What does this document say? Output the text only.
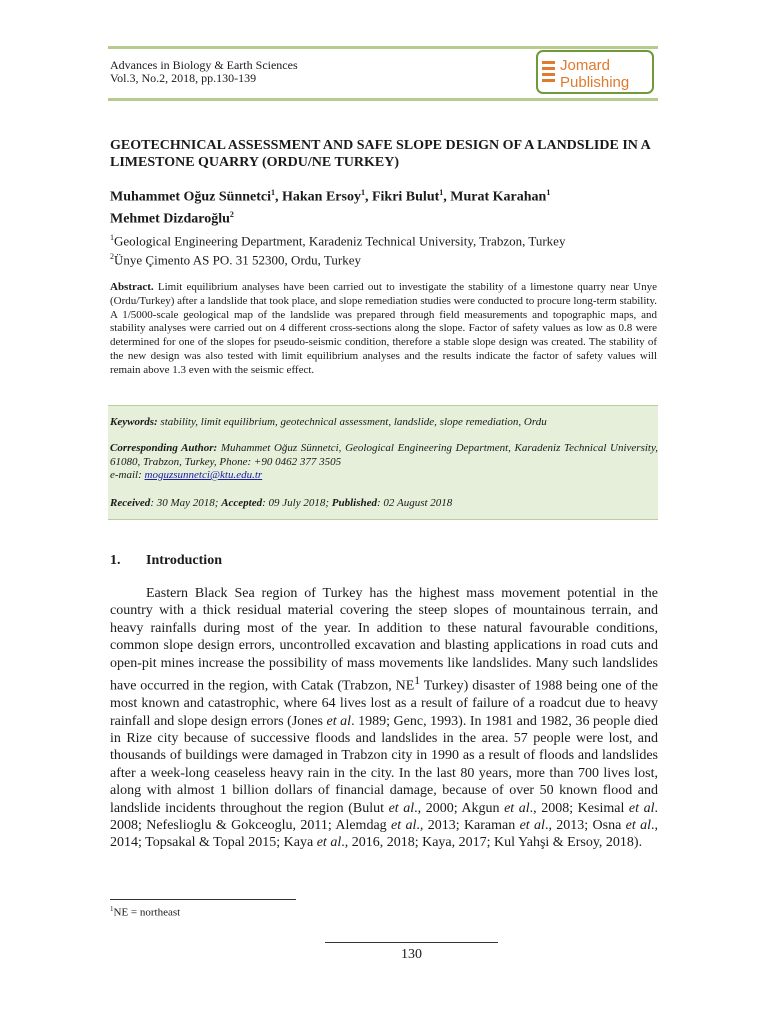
Advances in Biology & Earth Sciences
Vol.3, No.2, 2018, pp.130-139
Jomard
Publishing
GEOTECHNICAL ASSESSMENT AND SAFE SLOPE DESIGN OF A LANDSLIDE IN A LIMESTONE QUARRY (ORDU/NE TURKEY)
Muhammet Oğuz Sünnetci$^1$, Hakan Ersoy$^1$, Fikri Bulut$^1$, Murat Karahan$^1$
Mehmet Dizdaroğlu$^2$
$^1$Geological Engineering Department, Karadeniz Technical University, Trabzon, Turkey
$^2$Ünye Çimento AS PO. 31 52300, Ordu, Turkey
Abstract. Limit equilibrium analyses have been carried out to investigate the stability of a limestone quarry near Unye (Ordu/Turkey) after a landslide that took place, and slope remediation studies were conducted to procure long-term stability. A 1/5000-scale geological map of the landslide was prepared through field measurements and topographic maps, and stability analyses were carried out on 4 different cross-sections along the slope. Factor of safety values as low as 0.8 were determined for one of the slopes for pseudo-seismic condition, therefore a stable slope design was created. The stability of the new design was also tested with limit equilibrium analyses and the results indicate the factor of safety values will remain above 1.3 even with the seismic effect.
Keywords: stability, limit equilibrium, geotechnical assessment, landslide, slope remediation, Ordu
Corresponding Author: Muhammet Oğuz Sünnetci, Geological Engineering Department, Karadeniz Technical University, 61080, Trabzon, Turkey, Phone: +90 0462 377 3505
e-mail: moguzsunnetci@ktu.edu.tr
Received: 30 May 2018; Accepted: 09 July 2018; Published: 02 August 2018
1. Introduction

Eastern Black Sea region of Turkey has the highest mass movement potential in the country with a thick residual material covering the steep slopes of mountainous terrain, and heavy rainfalls during most of the year. In addition to these natural favourable conditions, common slope design errors, uncontrolled excavation and blasting applications in road cuts and open-pit mines increase the possibility of mass movements like landslides. Many such landslides have occurred in the region, with Catak (Trabzon, $NE^1$ Turkey) disaster of 1988 being one of the most known and catastrophic, where 64 lives lost as a result of failure of a roadcut due to heavy rainfall and slope design errors (Jones et al. 1989; Genc, 1993). In 1981 and 1982, 36 people died in Rize city because of successive floods and landslides in the area. 57 people were lost, and thousands of buildings were damaged in Trabzon city in 1990 as a result of floods and landslides after a week-long ceaseless heavy rain in the city. In the last 80 years, more than 700 lives lost, along with almost 1 billion dollars of financial damage, because of over 50 known flood and landslide incidents throughout the region (Bulut et al., 2000; Akgun et al., 2008; Kesimal et al. 2008; Nefeslioglu & Gokceoglu, 2011; Alemdag et al., 2013; Karaman et al., 2013; Osna et al., 2014; Topsakal & Topal 2015; Kaya et al., 2016, 2018; Kaya, 2017; Kul Yahşi & Ersoy, 2018).

$^1$NE = northeast
130
